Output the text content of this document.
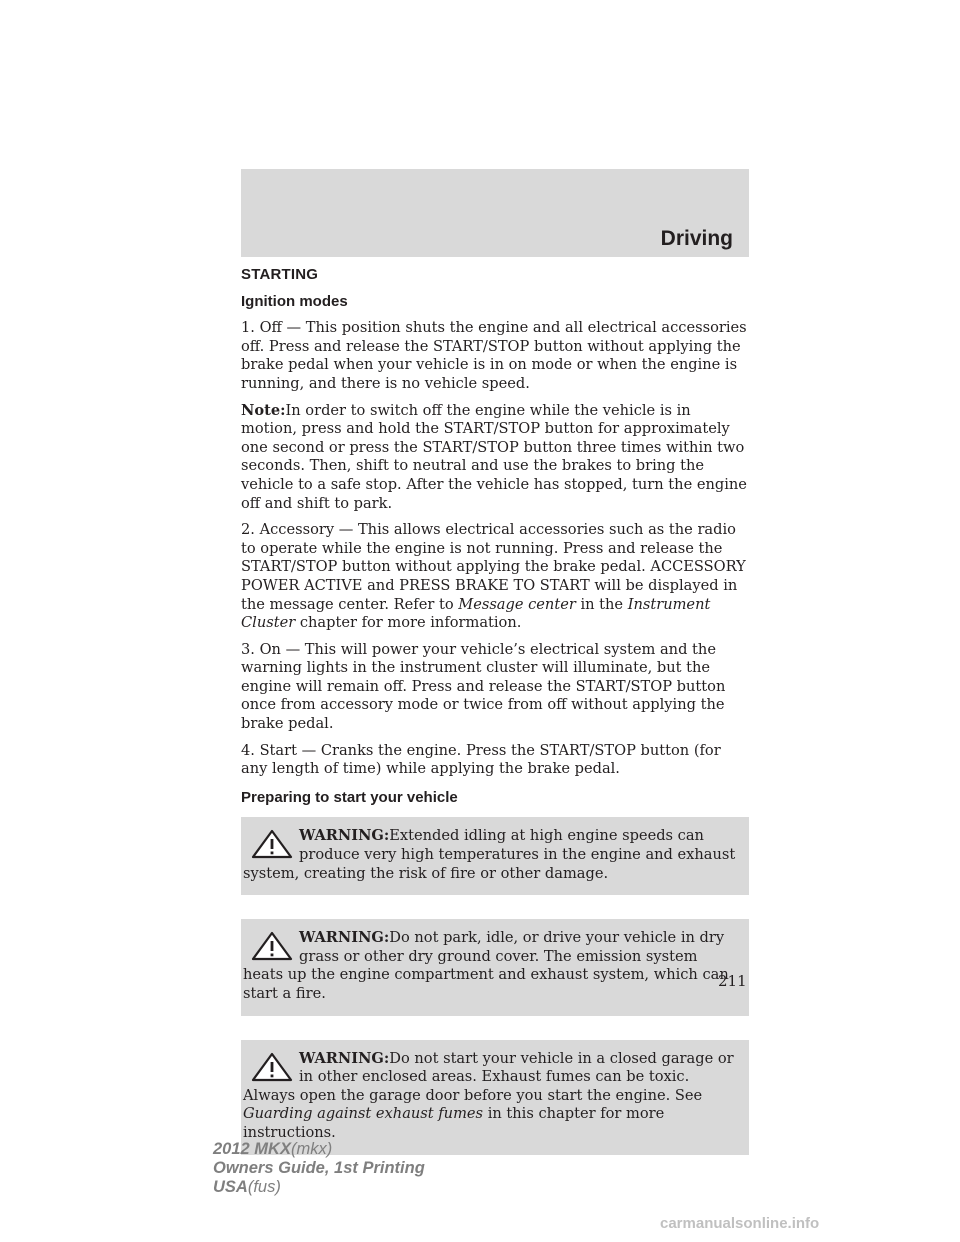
Driving
STARTING
Ignition modes

1. Off — This position shuts the engine and all electrical accessories off. Press and release the START/STOP button without applying the brake pedal when your vehicle is in on mode or when the engine is running, and there is no vehicle speed.

Note:In order to switch off the engine while the vehicle is in motion, press and hold the START/STOP button for approximately one second or press the START/STOP button three times within two seconds. Then, shift to neutral and use the brakes to bring the vehicle to a safe stop. After the vehicle has stopped, turn the engine off and shift to park.

2. Accessory — This allows electrical accessories such as the radio to operate while the engine is not running. Press and release the START/STOP button without applying the brake pedal. ACCESSORY POWER ACTIVE and PRESS BRAKE TO START will be displayed in the message center. Refer to Message center in the Instrument Cluster chapter for more information.

3. On — This will power your vehicle’s electrical system and the warning lights in the instrument cluster will illuminate, but the engine will remain off. Press and release the START/STOP button once from accessory mode or twice from off without applying the brake pedal.

4. Start — Cranks the engine. Press the START/STOP button (for any length of time) while applying the brake pedal.

Preparing to start your vehicle
WARNING:Extended idling at high engine speeds can produce very high temperatures in the engine and exhaust system, creating the risk of fire or other damage.
WARNING:Do not park, idle, or drive your vehicle in dry grass or other dry ground cover. The emission system heats up the engine compartment and exhaust system, which can start a fire.
WARNING:Do not start your vehicle in a closed garage or in other enclosed areas. Exhaust fumes can be toxic. Always open the garage door before you start the engine. See Guarding against exhaust fumes in this chapter for more instructions.
211
2012 MKX(mkx)
Owners Guide, 1st Printing
USA(fus)
carmanualsonline.info
